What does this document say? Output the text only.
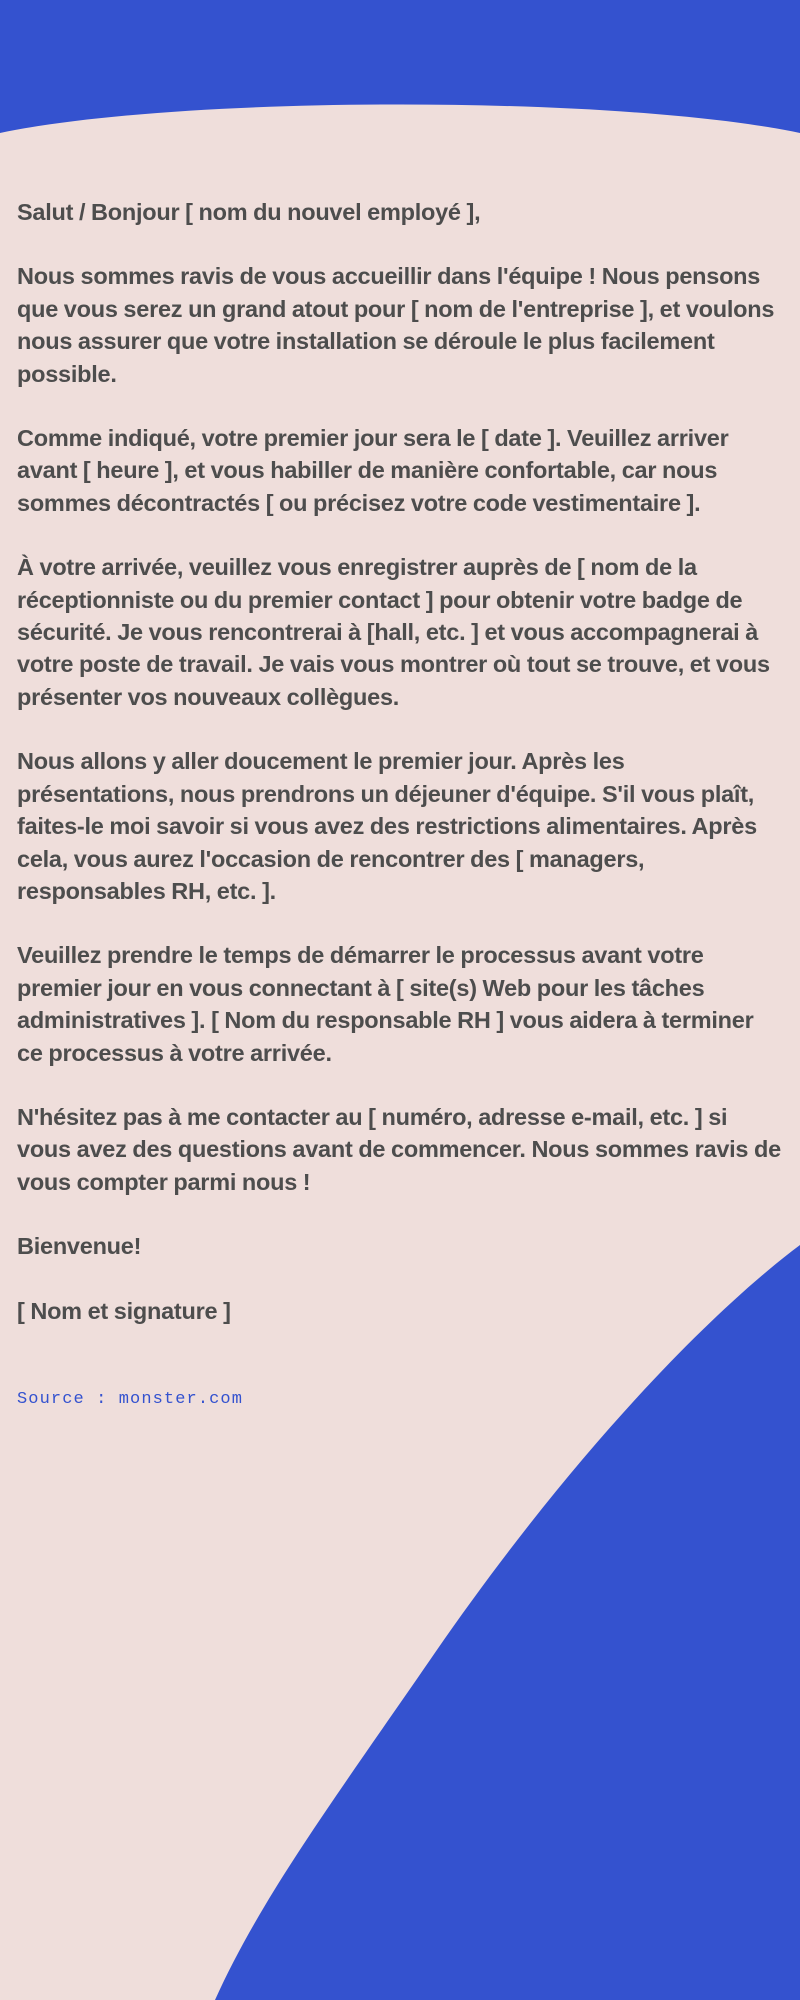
Salut / Bonjour [ nom du nouvel employé ],

Nous sommes ravis de vous accueillir dans l'équipe ! Nous pensons que vous serez un grand atout pour [ nom de l'entreprise ], et voulons nous assurer que votre installation se déroule le plus facilement possible.

Comme indiqué, votre premier jour sera le [ date ]. Veuillez arriver avant [ heure ], et vous habiller de manière confortable, car nous sommes décontractés [ ou précisez votre code vestimentaire ].

À votre arrivée, veuillez vous enregistrer auprès de [ nom de la réceptionniste ou du premier contact ] pour obtenir votre badge de sécurité. Je vous rencontrerai à [hall, etc. ] et vous accompagnerai à votre poste de travail. Je vais vous montrer où tout se trouve, et vous présenter vos nouveaux collègues.

Nous allons y aller doucement le premier jour. Après les présentations, nous prendrons un déjeuner d'équipe. S'il vous plaît, faites-le moi savoir si vous avez des restrictions alimentaires. Après cela, vous aurez l'occasion de rencontrer des [ managers, responsables RH, etc. ].

Veuillez prendre le temps de démarrer le processus avant votre premier jour en vous connectant à [ site(s) Web pour les tâches administratives ]. [ Nom du responsable RH ] vous aidera à terminer ce processus à votre arrivée.

N'hésitez pas à me contacter au [ numéro, adresse e-mail, etc. ] si vous avez des questions avant de commencer. Nous sommes ravis de vous compter parmi nous !

Bienvenue!

[ Nom et signature ]

Source : monster.com
